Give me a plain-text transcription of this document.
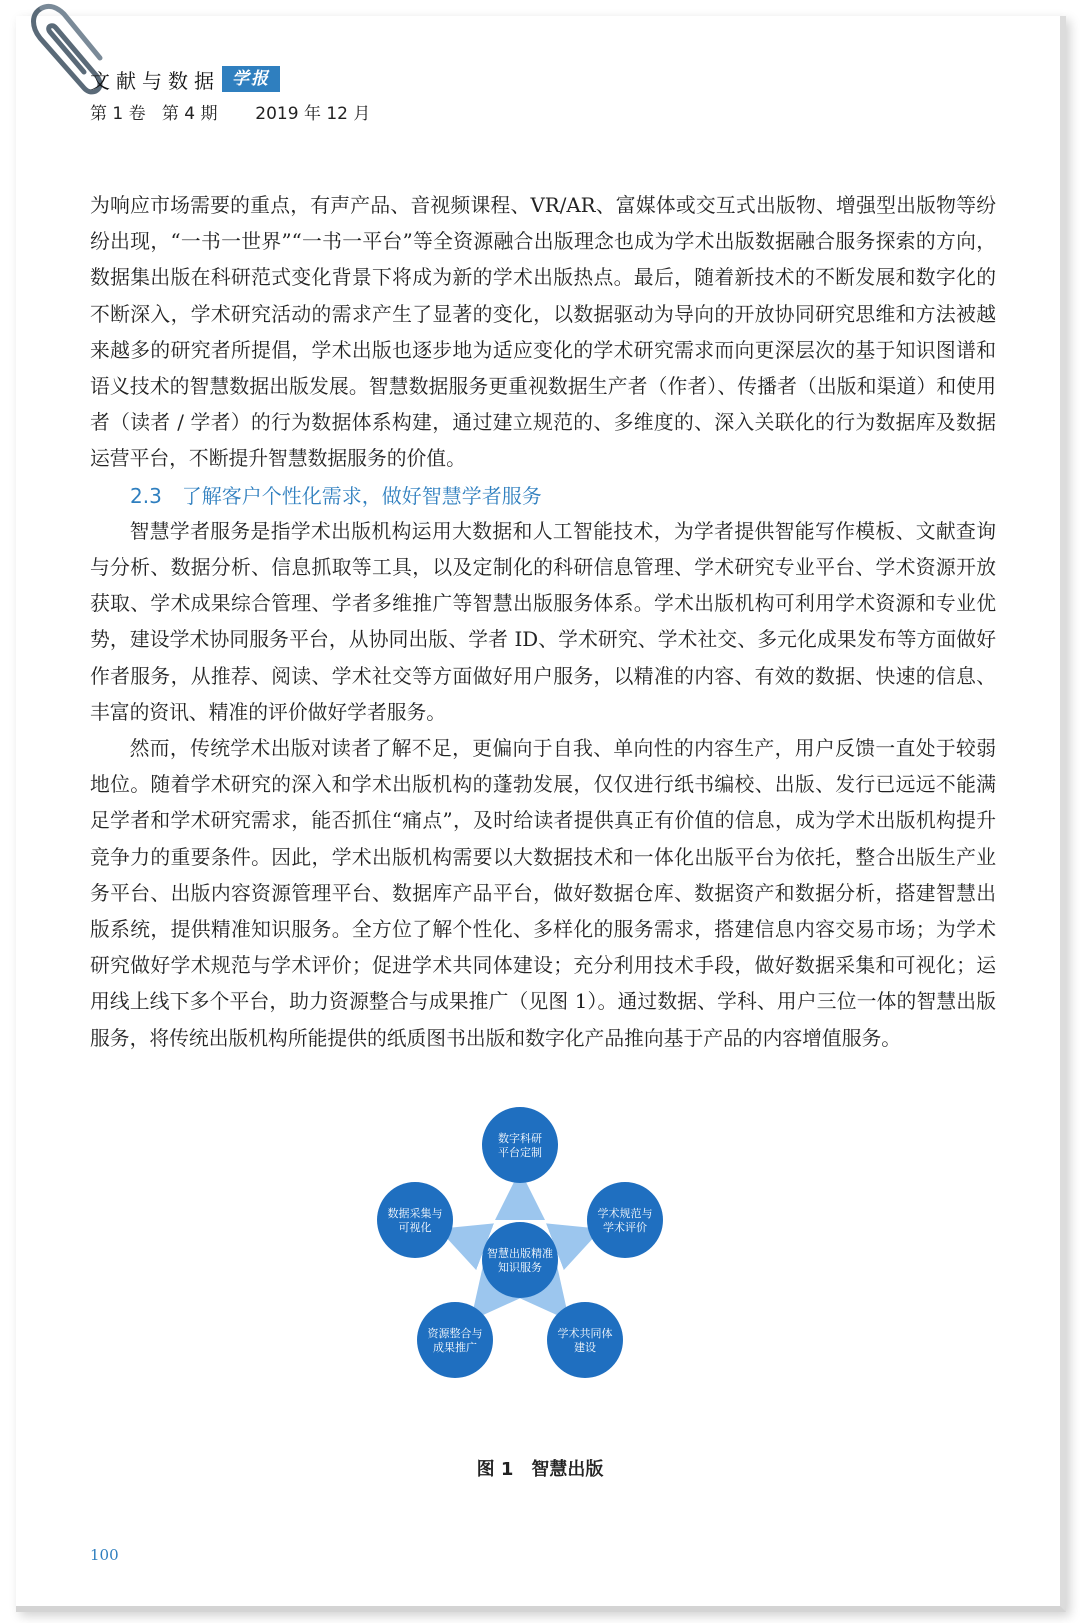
文献与数据 学报
第 1 卷   第 4 期       2019 年 12 月

为响应市场需要的重点，有声产品、音视频课程、VR/AR、富媒体或交互式出版物、增强型出版物等纷纷出现，“一书一世界”“一书一平台”等全资源融合出版理念也成为学术出版数据融合服务探索的方向，数据集出版在科研范式变化背景下将成为新的学术出版热点。最后，随着新技术的不断发展和数字化的不断深入，学术研究活动的需求产生了显著的变化，以数据驱动为导向的开放协同研究思维和方法被越来越多的研究者所提倡，学术出版也逐步地为适应变化的学术研究需求而向更深层次的基于知识图谱和语义技术的智慧数据出版发展。智慧数据服务更重视数据生产者（作者）、传播者（出版和渠道）和使用者（读者 / 学者）的行为数据体系构建，通过建立规范的、多维度的、深入关联化的行为数据库及数据运营平台，不断提升智慧数据服务的价值。

2.3　了解客户个性化需求，做好智慧学者服务

智慧学者服务是指学术出版机构运用大数据和人工智能技术，为学者提供智能写作模板、文献查询与分析、数据分析、信息抓取等工具，以及定制化的科研信息管理、学术研究专业平台、学术资源开放获取、学术成果综合管理、学者多维推广等智慧出版服务体系。学术出版机构可利用学术资源和专业优势，建设学术协同服务平台，从协同出版、学者 ID、学术研究、学术社交、多元化成果发布等方面做好作者服务，从推荐、阅读、学术社交等方面做好用户服务，以精准的内容、有效的数据、快速的信息、丰富的资讯、精准的评价做好学者服务。

然而，传统学术出版对读者了解不足，更偏向于自我、单向性的内容生产，用户反馈一直处于较弱地位。随着学术研究的深入和学术出版机构的蓬勃发展，仅仅进行纸书编校、出版、发行已远远不能满足学者和学术研究需求，能否抓住“痛点”，及时给读者提供真正有价值的信息，成为学术出版机构提升竞争力的重要条件。因此，学术出版机构需要以大数据技术和一体化出版平台为依托，整合出版生产业务平台、出版内容资源管理平台、数据库产品平台，做好数据仓库、数据资产和数据分析，搭建智慧出版系统，提供精准知识服务。全方位了解个性化、多样化的服务需求，搭建信息内容交易市场；为学术研究做好学术规范与学术评价；促进学术共同体建设；充分利用技术手段，做好数据采集和可视化；运用线上线下多个平台，助力资源整合与成果推广（见图 1）。通过数据、学科、用户三位一体的智慧出版服务，将传统出版机构所能提供的纸质图书出版和数字化产品推向基于产品的内容增值服务。

智慧出版精准
知识服务
数字科研
平台定制
学术规范与
学术评价
学术共同体
建设
资源整合与
成果推广
数据采集与
可视化
图 1　智慧出版
100
